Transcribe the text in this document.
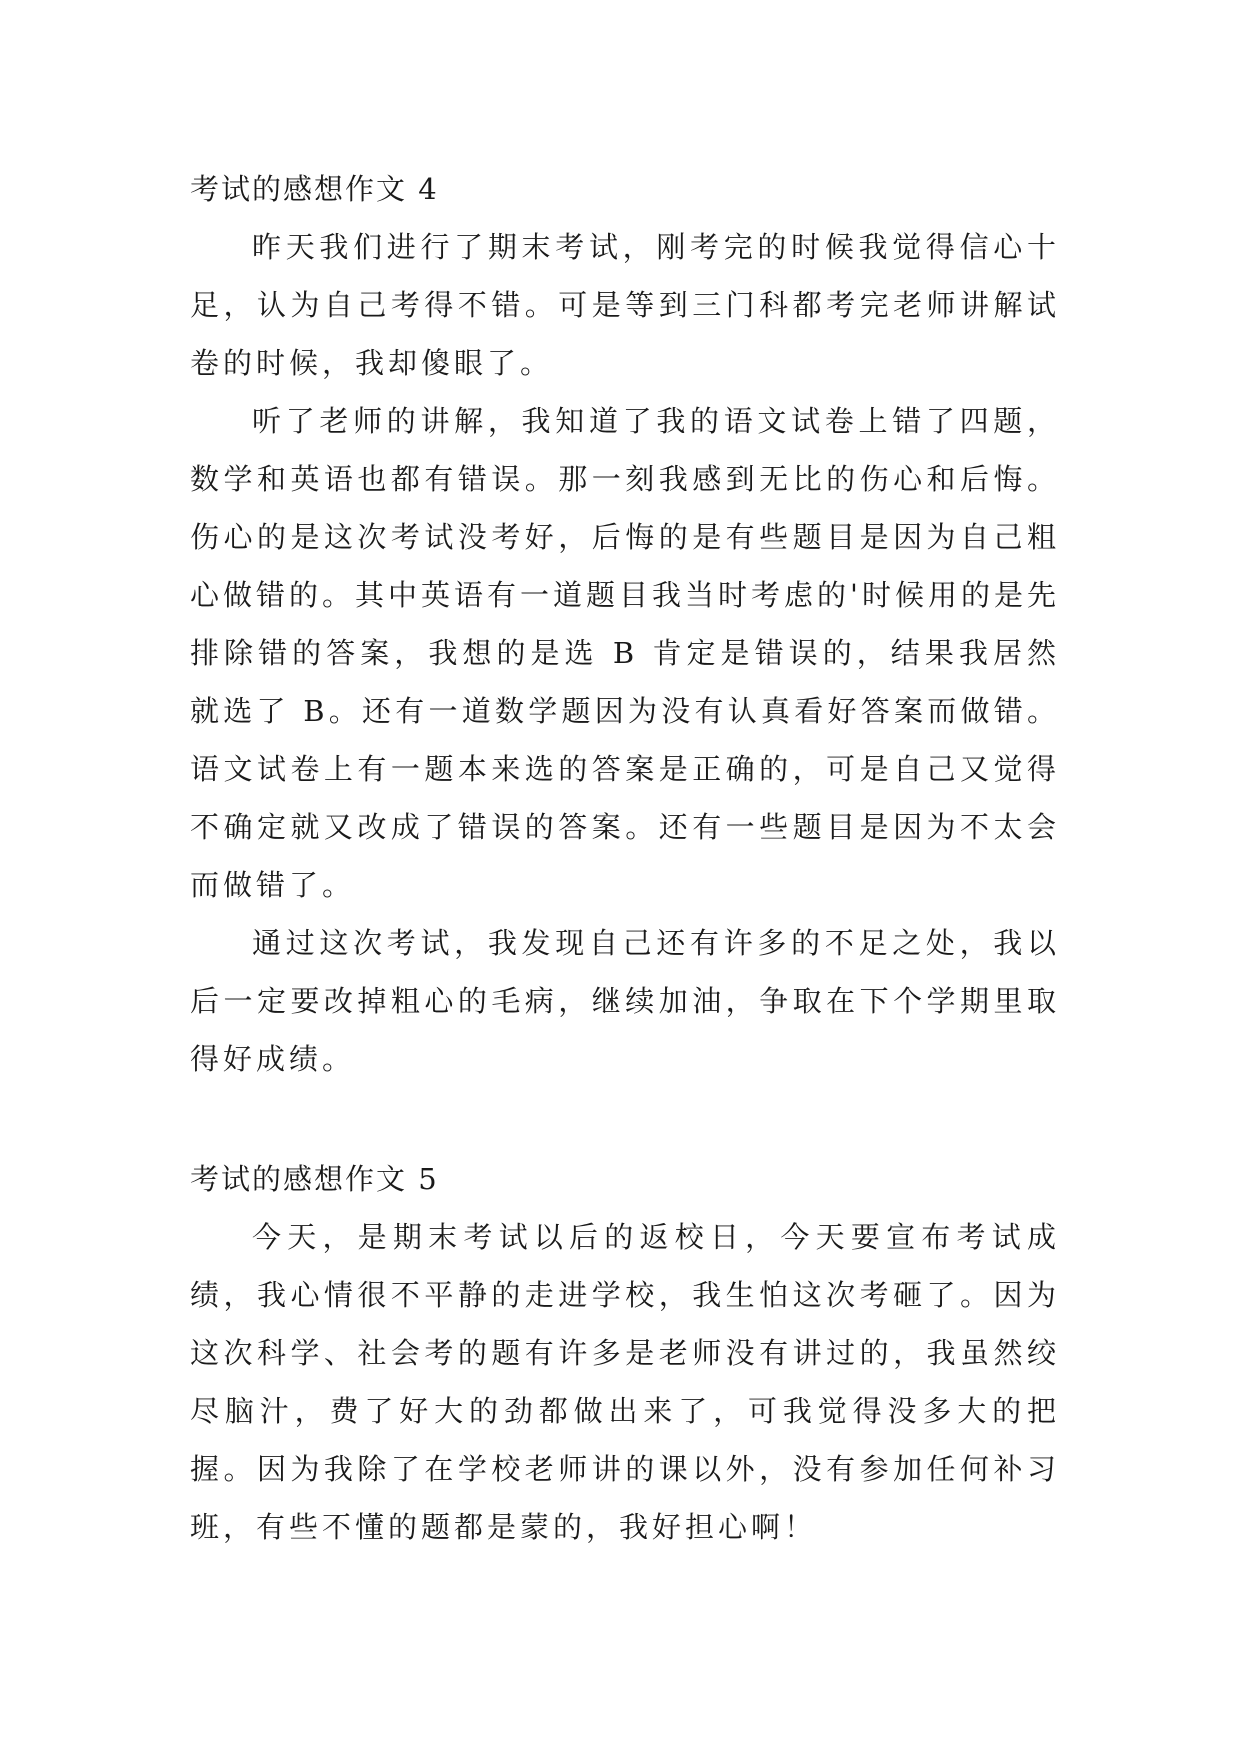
考试的感想作文 4

昨天我们进行了期末考试，刚考完的时候我觉得信心十足，认为自己考得不错。可是等到三门科都考完老师讲解试卷的时候，我却傻眼了。

听了老师的讲解，我知道了我的语文试卷上错了四题，数学和英语也都有错误。那一刻我感到无比的伤心和后悔。伤心的是这次考试没考好，后悔的是有些题目是因为自己粗心做错的。其中英语有一道题目我当时考虑的'时候用的是先排除错的答案，我想的是选 B 肯定是错误的，结果我居然就选了 B。还有一道数学题因为没有认真看好答案而做错。语文试卷上有一题本来选的答案是正确的，可是自己又觉得不确定就又改成了错误的答案。还有一些题目是因为不太会而做错了。

通过这次考试，我发现自己还有许多的不足之处，我以后一定要改掉粗心的毛病，继续加油，争取在下个学期里取得好成绩。

考试的感想作文 5

今天，是期末考试以后的返校日，今天要宣布考试成绩，我心情很不平静的走进学校，我生怕这次考砸了。因为这次科学、社会考的题有许多是老师没有讲过的，我虽然绞尽脑汁，费了好大的劲都做出来了，可我觉得没多大的把握。因为我除了在学校老师讲的课以外，没有参加任何补习班，有些不懂的题都是蒙的，我好担心啊！
